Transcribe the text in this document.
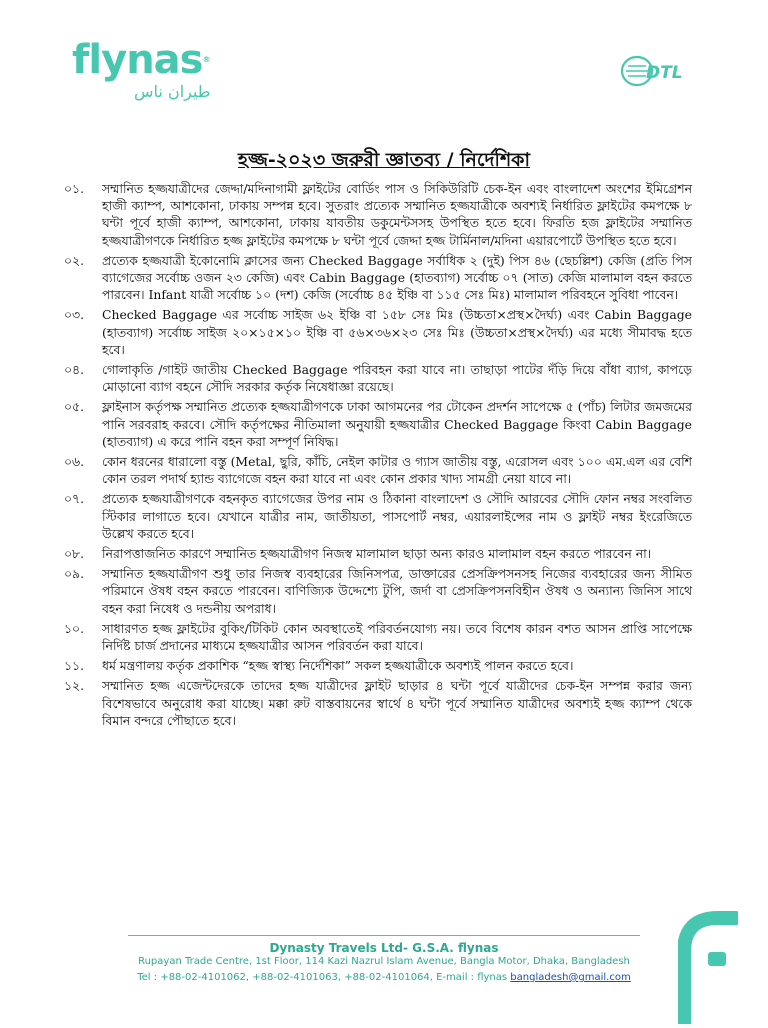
flynas®
طيران ناس
DTL
হজ্জ-২০২৩ জরুরী জ্ঞাতব্য / নির্দেশিকা
০১.	সম্মানিত হজ্জযাত্রীদের জেদ্দা/মদিনাগামী ফ্লাইটের বোর্ডিং পাস ও সিকিউরিটি চেক-ইন এবং বাংলাদেশ অংশের ইমিগ্রেশন হাজী ক্যাম্প, আশকোনা, ঢাকায় সম্পন্ন হবে। সুতরাং প্রত্যেক সম্মানিত হজ্জযাত্রীকে অবশ্যই নির্ধারিত ফ্লাইটের কমপক্ষে ৮ ঘন্টা পূর্বে হাজী ক্যাম্প, আশকোনা, ঢাকায় যাবতীয় ডকুমেন্টসসহ উপস্থিত হতে হবে। ফিরতি হজ ফ্লাইটের সম্মানিত হজ্জযাত্রীগণকে নির্ধারিত হজ্জ ফ্লাইটের কমপক্ষে ৮ ঘন্টা পূর্বে জেদ্দা হজ্জ টার্মিনাল/মদিনা এয়ারপোর্টে উপস্থিত হতে হবে।
০২.	প্রত্যেক হজ্জযাত্রী ইকোনোমি ক্লাসের জন্য Checked Baggage সর্বাধিক ২ (দুই) পিস ৪৬ (ছেচল্লিশ) কেজি (প্রতি পিস ব্যাগেজের সর্বোচ্চ ওজন ২৩ কেজি) এবং Cabin Baggage (হাতব্যাগ) সর্বোচ্চ ০৭ (সাত) কেজি মালামাল বহন করতে পারবেন। Infant যাত্রী সর্বোচ্চ ১০ (দশ) কেজি (সর্বোচ্চ ৪৫ ইঞ্চি বা ১১৫ সেঃ মিঃ) মালামাল পরিবহনে সুবিধা পাবেন।
০৩.	Checked Baggage এর সর্বোচ্চ সাইজ ৬২ ইঞ্চি বা ১৫৮ সেঃ মিঃ (উচ্চতা×প্রস্থ×দৈর্ঘ্য) এবং Cabin Baggage (হাতব্যাগ) সর্বোচ্চ সাইজ ২০×১৫×১০ ইঞ্চি বা ৫৬×৩৬×২৩ সেঃ মিঃ (উচ্চতা×প্রস্থ×দৈর্ঘ্য) এর মধ্যে সীমাবদ্ধ হতে হবে।
০৪.	গোলাকৃতি /গাইট জাতীয় Checked Baggage পরিবহন করা যাবে না। তাছাড়া পাটের দঁড়ি দিয়ে বাঁধা ব্যাগ, কাপড়ে মোড়ানো ব্যাগ বহনে সৌদি সরকার কর্তৃক নিষেধাজ্ঞা রয়েছে।
০৫.	ফ্লাইনাস কর্তৃপক্ষ সম্মানিত প্রত্যেক হজ্জযাত্রীগণকে ঢাকা আগমনের পর টোকেন প্রদর্শন সাপেক্ষে ৫ (পাঁচ) লিটার জমজমের পানি সরবরাহ করবে। সৌদি কর্তৃপক্ষের নীতিমালা অনুযায়ী হজ্জযাত্রীর Checked Baggage কিংবা Cabin Baggage (হাতব্যাগ) এ করে পানি বহন করা সম্পূর্ণ নিষিদ্ধ।
০৬.	কোন ধরনের ধারালো বস্তু (Metal, ছুরি, কাঁচি, নেইল কাটার ও গ্যাস জাতীয় বস্তু, এরোসল এবং ১০০ এম.এল এর বেশি কোন তরল পদার্থ হ্যান্ড ব্যাগেজে বহন করা যাবে না এবং কোন প্রকার খাদ্য সামগ্রী নেয়া যাবে না।
০৭.	প্রত্যেক হজ্জযাত্রীগণকে বহনকৃত ব্যাগেজের উপর নাম ও ঠিকানা বাংলাদেশ ও সৌদি আরবের সৌদি ফোন নম্বর সংবলিত স্টিকার লাগাতে হবে। যেখানে যাত্রীর নাম, জাতীয়তা, পাসপোর্ট নম্বর, এয়ারলাইন্সের নাম ও ফ্লাইট নম্বর ইংরেজিতে উল্লেখ করতে হবে।
০৮.	নিরাপত্তাজনিত কারণে সম্মানিত হজ্জযাত্রীগণ নিজস্ব মালামাল ছাড়া অন্য কারও মালামাল বহন করতে পারবেন না।
০৯.	সম্মানিত হজ্জযাত্রীগণ শুধু তার নিজস্ব ব্যবহারের জিনিসপত্র, ডাক্তারের প্রেসক্রিপসনসহ নিজের ব্যবহারের জন্য সীমিত পরিমানে ঔষধ বহন করতে পারবেন। বাণিজ্যিক উদ্দেশ্যে টুপি, জর্দা বা প্রেসক্রিপসনবিহীন ঔষধ ও অন্যান্য জিনিস সাথে বহন করা নিষেধ ও দন্ডনীয় অপরাধ।
১০.	সাধারণত হজ্জ ফ্লাইটের বুকিং/টিকিট কোন অবস্থাতেই পরিবর্তনযোগ্য নয়। তবে বিশেষ কারন বশত আসন প্রাপ্তি সাপেক্ষে নির্দিষ্ট চার্জ প্রদানের মাধ্যমে হজ্জযাত্রীর আসন পরিবর্তন করা যাবে।
১১.	ধর্ম মন্ত্রণালয় কর্তৃক প্রকাশিক “হজ্জ স্বাস্থ্য নির্দেশিকা” সকল হজ্জযাত্রীকে অবশ্যই পালন করতে হবে।
১২.	সম্মানিত হজ্জ এজেন্টদেরকে তাদের হজ্জ যাত্রীদের ফ্লাইট ছাড়ার ৪ ঘন্টা পূর্বে যাত্রীদের চেক-ইন সম্পন্ন করার জন্য বিশেষভাবে অনুরোধ করা যাচ্ছে। মক্কা রুট বাস্তবায়নের স্বার্থে ৪ ঘন্টা পূর্বে সম্মানিত যাত্রীদের অবশ্যই হজ্জ ক্যাম্প থেকে বিমান বন্দরে পৌছাতে হবে।
Dynasty Travels Ltd- G.S.A. flynas
Rupayan Trade Centre, 1st Floor, 114 Kazi Nazrul Islam Avenue, Bangla Motor, Dhaka, Bangladesh
Tel : +88-02-4101062, +88-02-4101063, +88-02-4101064, E-mail : flynas bangladesh@gmail.com
